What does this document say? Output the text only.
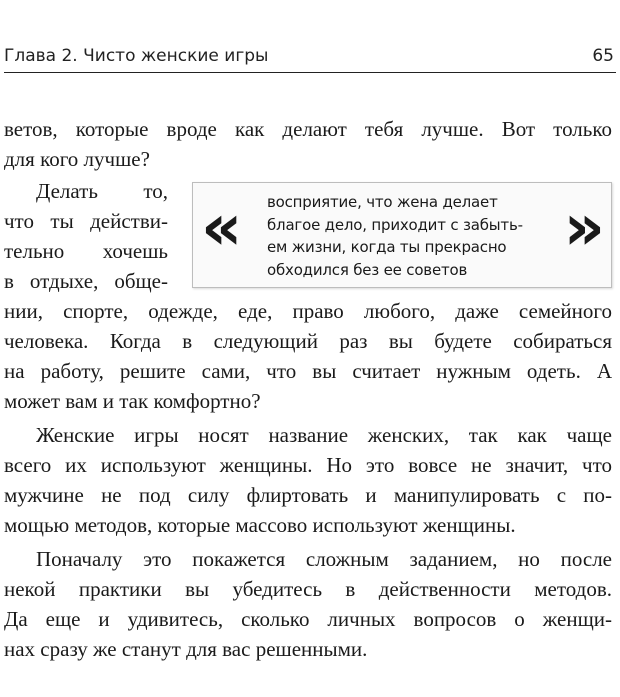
Глава 2. Чисто женские игры	65
ветов, которые вроде как делают тебя лучше. Вот только
для кого лучше?
Делать то,
что ты действи-
тельно хочешь
в отдыхе, обще-
нии, спорте, одежде, еде, право любого, даже семейного
человека. Когда в следующий раз вы будете собираться
на работу, решите сами, что вы считает нужным одеть. А
может вам и так комфортно?
Женские игры носят название женских, так как чаще
всего их используют женщины. Но это вовсе не значит, что
мужчине не под силу флиртовать и манипулировать с по-
мощью методов, которые массово используют женщины.
Поначалу это покажется сложным заданием, но после
некой практики вы убедитесь в действенности методов.
Да еще и удивитесь, сколько личных вопросов о женщи-
нах сразу же станут для вас решенными.
« восприятие, что жена делает
благое дело, приходит с забыть-
ем жизни, когда ты прекрасно
обходился без ее советов
»
